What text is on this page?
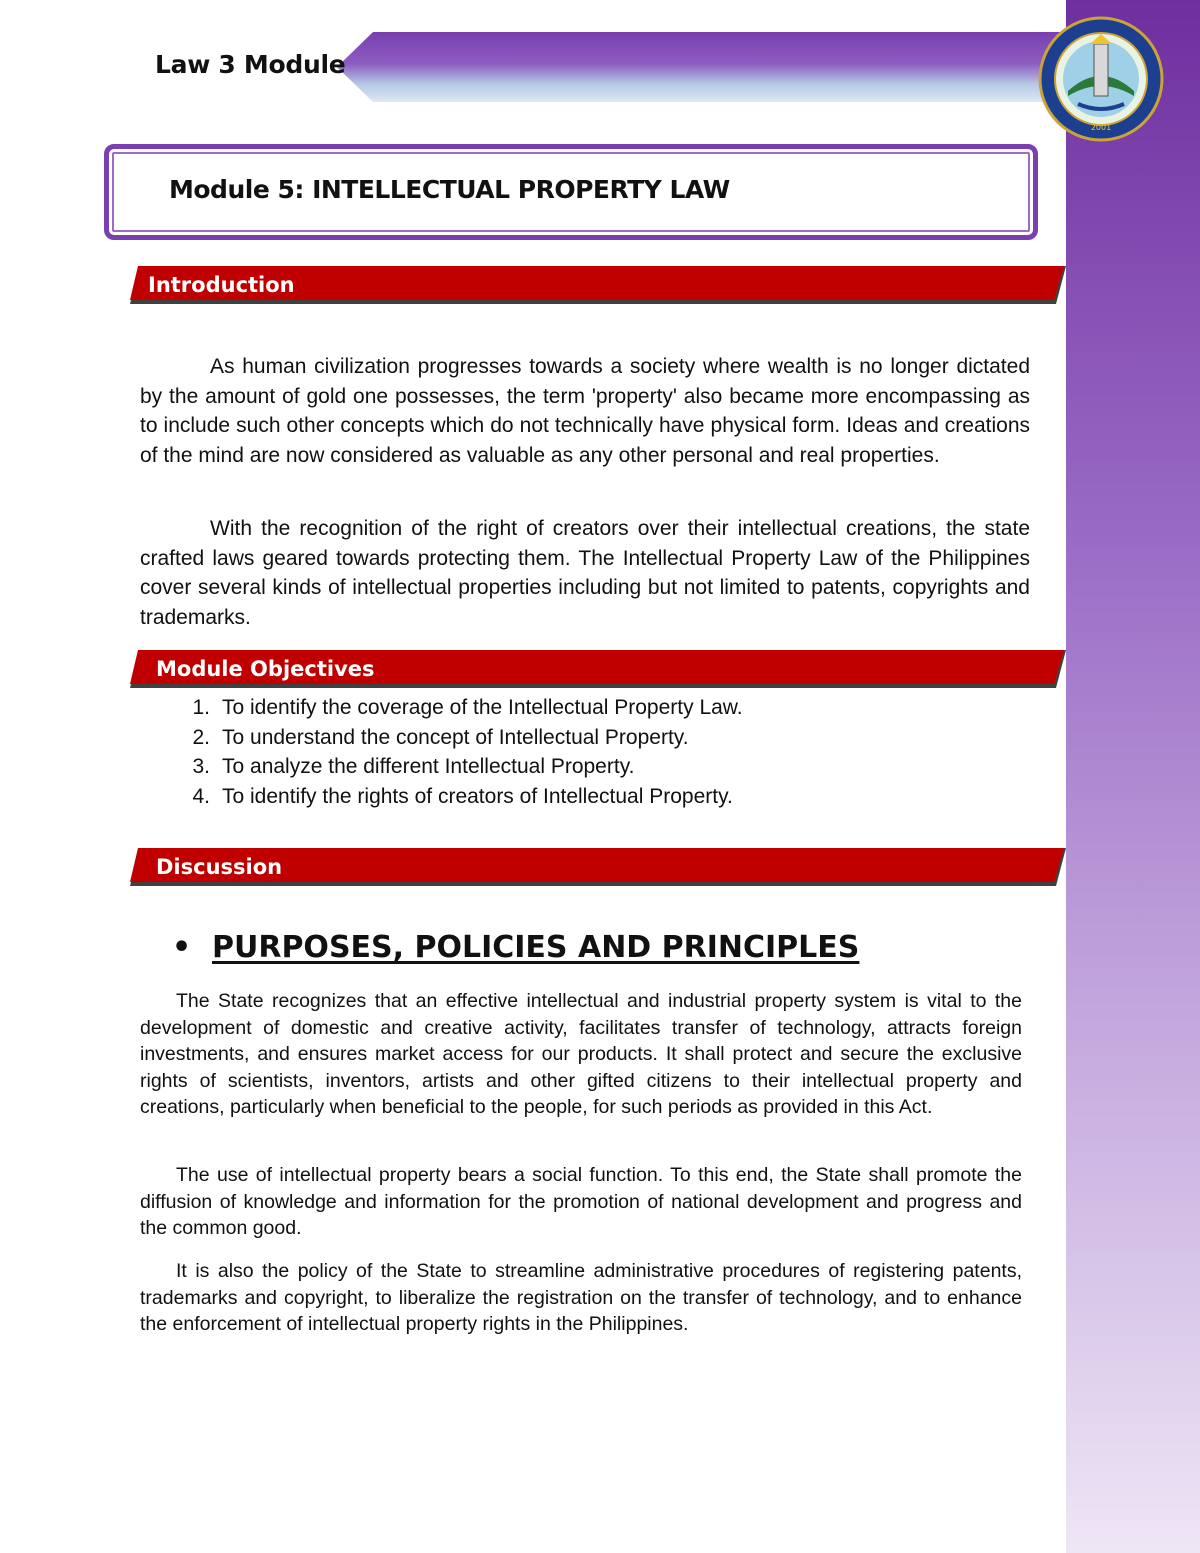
Law 3 Module
2001
Module 5: INTELLECTUAL PROPERTY LAW
Introduction

As human civilization progresses towards a society where wealth is no longer dictated by the amount of gold one possesses, the term 'property' also became more encompassing as to include such other concepts which do not technically have physical form. Ideas and creations of the mind are now considered as valuable as any other personal and real properties.

With the recognition of the right of creators over their intellectual creations, the state crafted laws geared towards protecting them. The Intellectual Property Law of the Philippines cover several kinds of intellectual properties including but not limited to patents, copyrights and trademarks.

Module Objectives
1. To identify the coverage of the Intellectual Property Law.
2. To understand the concept of Intellectual Property.
3. To analyze the different Intellectual Property.
4. To identify the rights of creators of Intellectual Property.
Discussion
• PURPOSES, POLICIES AND PRINCIPLES

The State recognizes that an effective intellectual and industrial property system is vital to the development of domestic and creative activity, facilitates transfer of technology, attracts foreign investments, and ensures market access for our products. It shall protect and secure the exclusive rights of scientists, inventors, artists and other gifted citizens to their intellectual property and creations, particularly when beneficial to the people, for such periods as provided in this Act.

The use of intellectual property bears a social function. To this end, the State shall promote the diffusion of knowledge and information for the promotion of national development and progress and the common good.

It is also the policy of the State to streamline administrative procedures of registering patents, trademarks and copyright, to liberalize the registration on the transfer of technology, and to enhance the enforcement of intellectual property rights in the Philippines.
